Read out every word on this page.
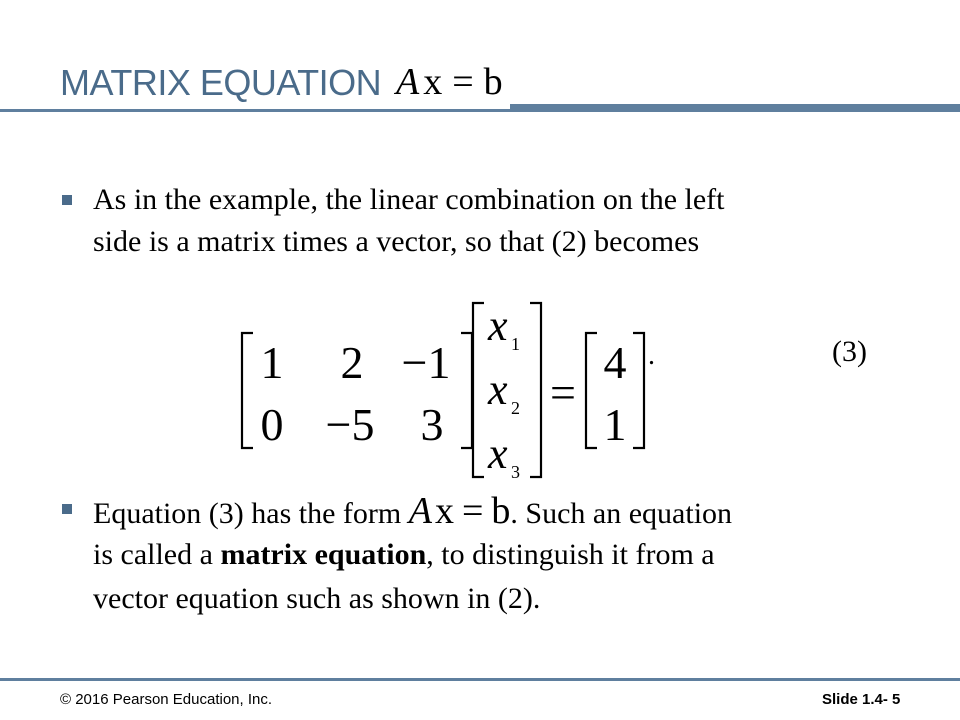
MATRIX EQUATION A x = b
As in the example, the linear combination on the left
side is a matrix times a vector, so that (2) becomes
1 2 −1
0 −5 3
4
1
=
x
x
x
1
2
3
.	(3)
Equation (3) has the form Ax = b. Such an equation
is called a matrix equation, to distinguish it from a
vector equation such as shown in (2).
© 2016 Pearson Education, Inc.	Slide 1.4- 5
